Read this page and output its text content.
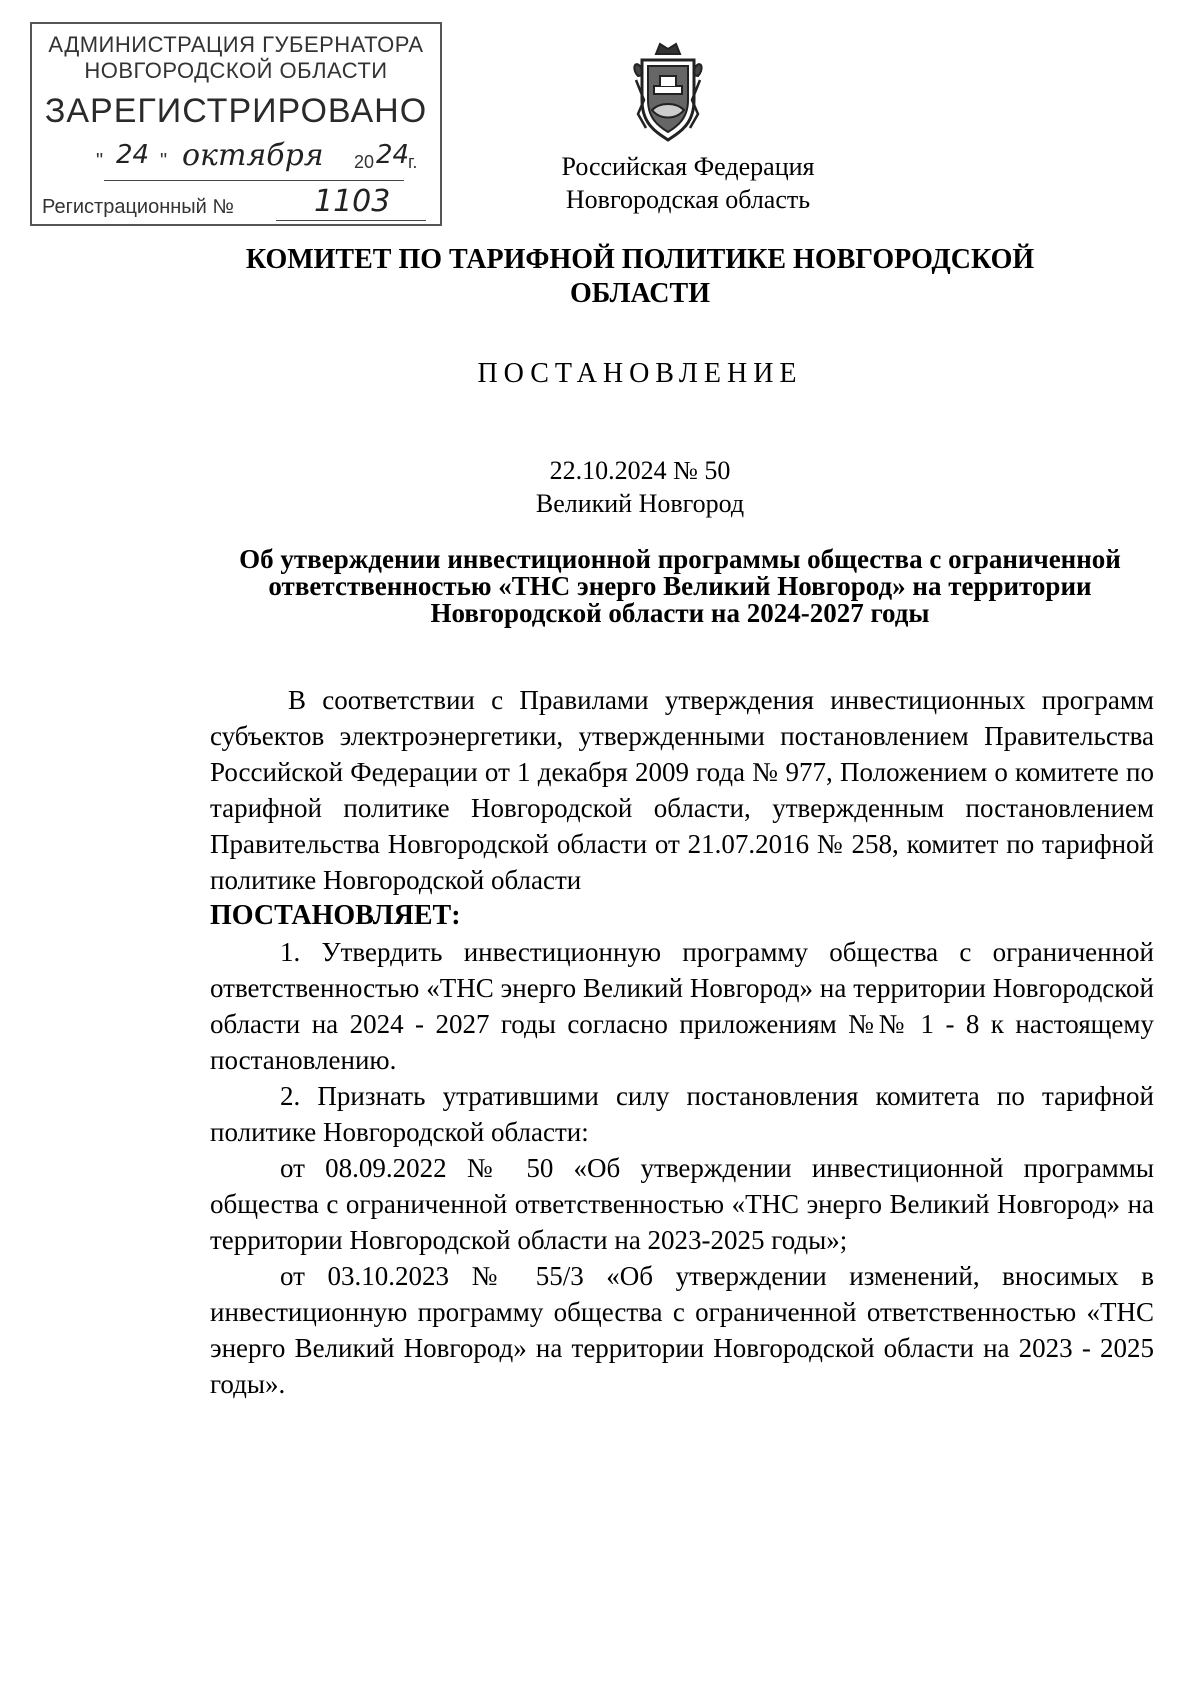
АДМИНИСТРАЦИЯ ГУБЕРНАТОРА
НОВГОРОДСКОЙ ОБЛАСТИ
ЗАРЕГИСТРИРОВАНО
" 24 " октября 20 24
г.
Регистрационный №	1103
Российская Федерация
Новгородская область
КОМИТЕТ ПО ТАРИФНОЙ ПОЛИТИКЕ НОВГОРОДСКОЙ ОБЛАСТИ
ПОСТАНОВЛЕНИЕ
22.10.2024 № 50
Великий Новгород
Об утверждении инвестиционной программы общества с ограниченной ответственностью «ТНС энерго Великий Новгород» на территории Новгородской области на 2024-2027 годы

В соответствии с Правилами утверждения инвестиционных программ субъектов электроэнергетики, утвержденными постановлением Правительства Российской Федерации от 1 декабря 2009 года № 977, Положением о комитете по тарифной политике Новгородской области, утвержденным постановлением Правительства Новгородской области от 21.07.2016 № 258, комитет по тарифной политике Новгородской области

ПОСТАНОВЛЯЕТ:

1. Утвердить инвестиционную программу общества с ограниченной ответственностью «ТНС энерго Великий Новгород» на территории Новгородской области на 2024 - 2027 годы согласно приложениям №№ 1 - 8 к настоящему постановлению.

2. Признать утратившими силу постановления комитета по тарифной политике Новгородской области:

от 08.09.2022 № 50 «Об утверждении инвестиционной программы общества с ограниченной ответственностью «ТНС энерго Великий Новгород» на территории Новгородской области на 2023-2025 годы»;

от 03.10.2023 № 55/3 «Об утверждении изменений, вносимых в инвестиционную программу общества с ограниченной ответственностью «ТНС энерго Великий Новгород» на территории Новгородской области на 2023 - 2025 годы».
